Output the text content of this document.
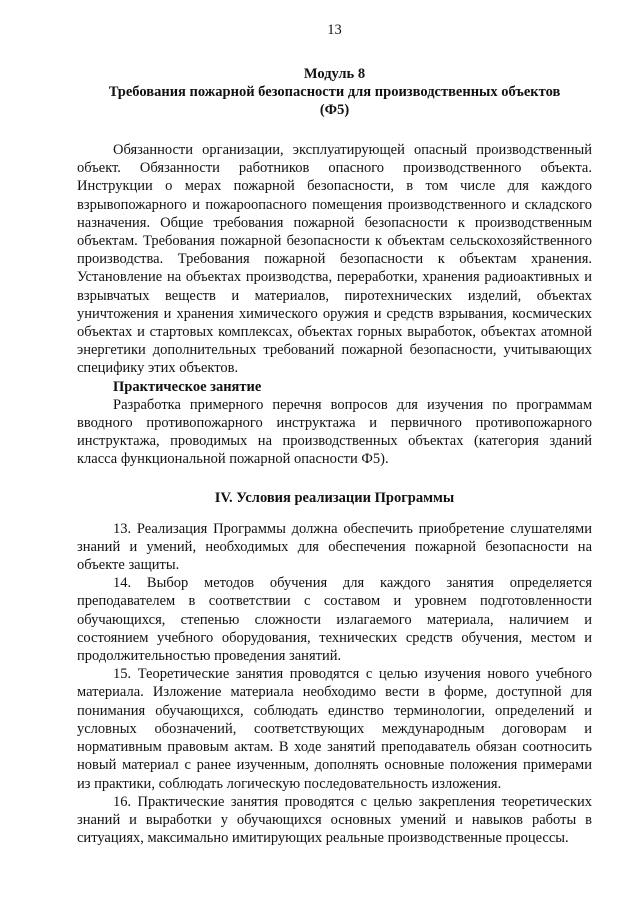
13
Модуль 8
Требования пожарной безопасности для производственных объектов (Ф5)

Обязанности организации, эксплуатирующей опасный производственный объект. Обязанности работников опасного производственного объекта. Инструкции о мерах пожарной безопасности, в том числе для каждого взрывопожарного и пожароопасного помещения производственного и складского назначения. Общие требования пожарной безопасности к производственным объектам. Требования пожарной безопасности к объектам сельскохозяйственного производства. Требования пожарной безопасности к объектам хранения. Установление на объектах производства, переработки, хранения радиоактивных и взрывчатых веществ и материалов, пиротехнических изделий, объектах уничтожения и хранения химического оружия и средств взрывания, космических объектах и стартовых комплексах, объектах горных выработок, объектах атомной энергетики дополнительных требований пожарной безопасности, учитывающих специфику этих объектов.

Практическое занятие

Разработка примерного перечня вопросов для изучения по программам вводного противопожарного инструктажа и первичного противопожарного инструктажа, проводимых на производственных объектах (категория зданий класса функциональной пожарной опасности Ф5).

IV. Условия реализации Программы

13. Реализация Программы должна обеспечить приобретение слушателями знаний и умений, необходимых для обеспечения пожарной безопасности на объекте защиты.

14. Выбор методов обучения для каждого занятия определяется преподавателем в соответствии с составом и уровнем подготовленности обучающихся, степенью сложности излагаемого материала, наличием и состоянием учебного оборудования, технических средств обучения, местом и продолжительностью проведения занятий.

15. Теоретические занятия проводятся с целью изучения нового учебного материала. Изложение материала необходимо вести в форме, доступной для понимания обучающихся, соблюдать единство терминологии, определений и условных обозначений, соответствующих международным договорам и нормативным правовым актам. В ходе занятий преподаватель обязан соотносить новый материал с ранее изученным, дополнять основные положения примерами из практики, соблюдать логическую последовательность изложения.

16. Практические занятия проводятся с целью закрепления теоретических знаний и выработки у обучающихся основных умений и навыков работы в ситуациях, максимально имитирующих реальные производственные процессы.
